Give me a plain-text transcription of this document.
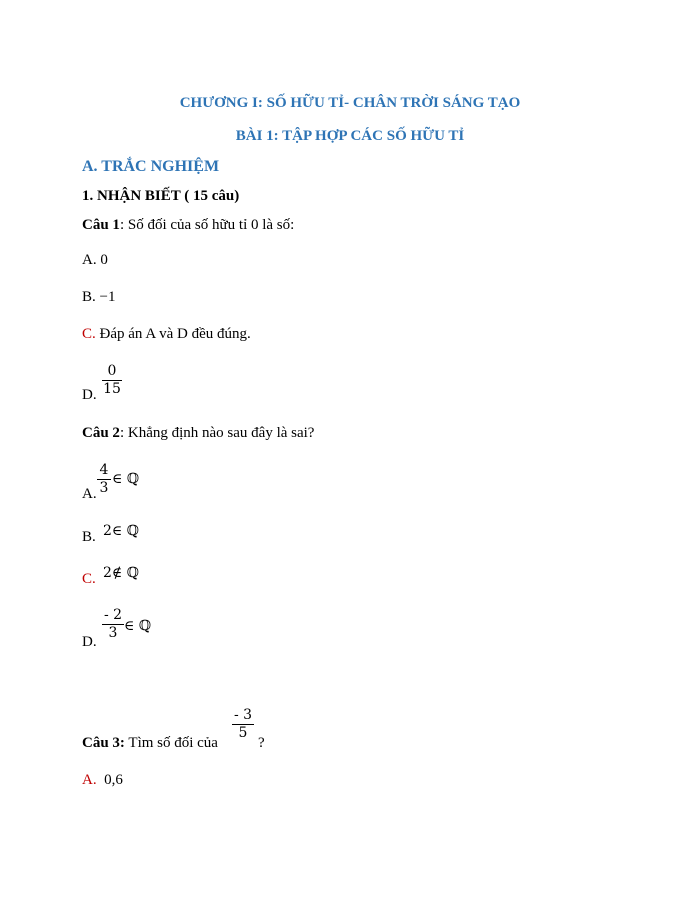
CHƯƠNG I: SỐ HỮU TỈ- CHÂN TRỜI SÁNG TẠO
BÀI 1: TẬP HỢP CÁC SỐ HỮU TỈ
A. TRẮC NGHIỆM
1. NHẬN BIẾT ( 15 câu)
Câu 1: Số đối của số hữu tỉ 0 là số:
A. 0
B. −1
C. Đáp án A và D đều đúng.
D.
0
15
Câu 2: Khẳng định nào sau đây là sai?
A.
4
3
∈ ℚ
B. 2∈ ℚ
C. 2∉ ℚ
D.
- 2
3 ∈ ℚ
Câu 3: Tìm số đối của
- 3
5
?
A.  0,6
